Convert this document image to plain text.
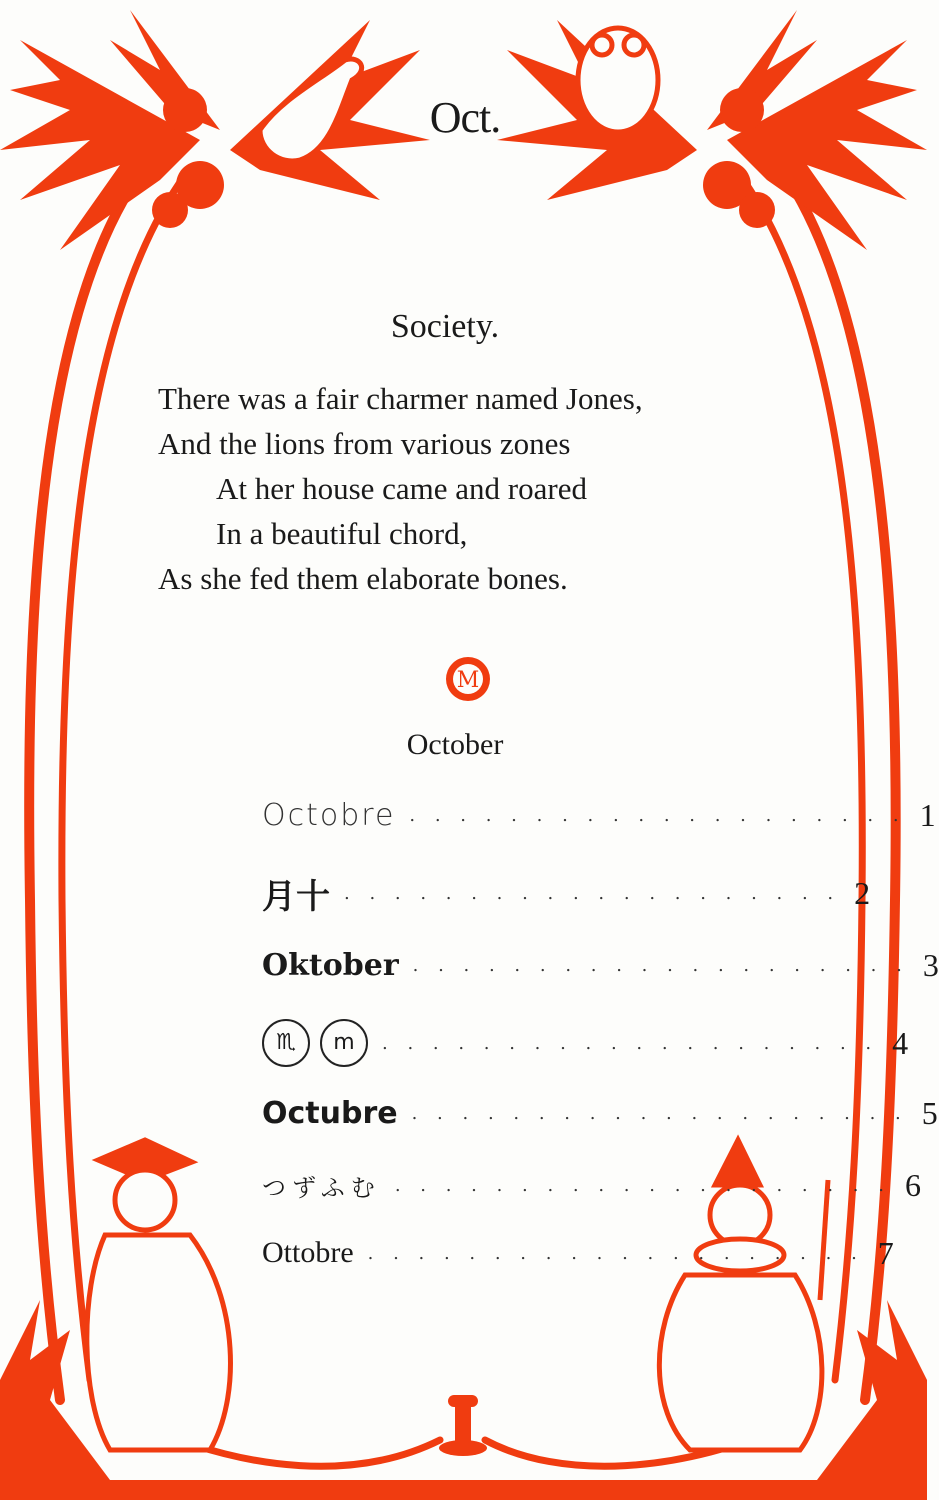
Oct.
Society.
There was a fair charmer named Jones,
And the lions from various zones
At her house came and roared
In a beautiful chord,
As she fed them elaborate bones.
M
October
Octobre . . . . . . . . . . . . . . . . . . . . 1
月十 . . . . . . . . . . . . . . . . . . . . 2
Oktober . . . . . . . . . . . . . . . . . . . . 3
♏	m	. . . . . . . . . . . . . . . . . . . . 4
Octubre . . . . . . . . . . . . . . . . . . . . 5
つずふむ . . . . . . . . . . . . . . . . . . . . 6
Ottobre . . . . . . . . . . . . . . . . . . . . 7
